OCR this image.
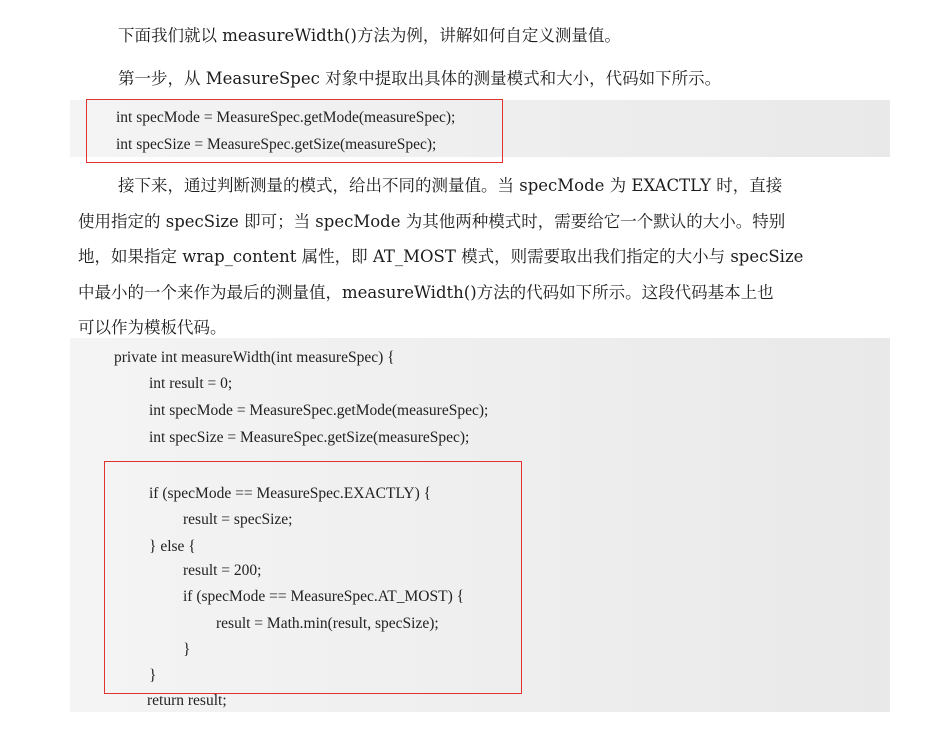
下面我们就以 measureWidth()方法为例，讲解如何自定义测量值。

第一步，从 MeasureSpec 对象中提取出具体的测量模式和大小，代码如下所示。

int specMode = MeasureSpec.getMode(measureSpec);
int specSize = MeasureSpec.getSize(measureSpec);
接下来，通过判断测量的模式，给出不同的测量值。当 specMode 为 EXACTLY 时，直接
使用指定的 specSize 即可；当 specMode 为其他两种模式时，需要给它一个默认的大小。特别
地，如果指定 wrap_content 属性，即 AT_MOST 模式，则需要取出我们指定的大小与 specSize
中最小的一个来作为最后的测量值，measureWidth()方法的代码如下所示。这段代码基本上也
可以作为模板代码。
private int measureWidth(int measureSpec) {
int result = 0;
int specMode = MeasureSpec.getMode(measureSpec);
int specSize = MeasureSpec.getSize(measureSpec);
if (specMode == MeasureSpec.EXACTLY) {
result = specSize;
} else {
result = 200;
if (specMode == MeasureSpec.AT_MOST) {
result = Math.min(result, specSize);
}
}
return result;
